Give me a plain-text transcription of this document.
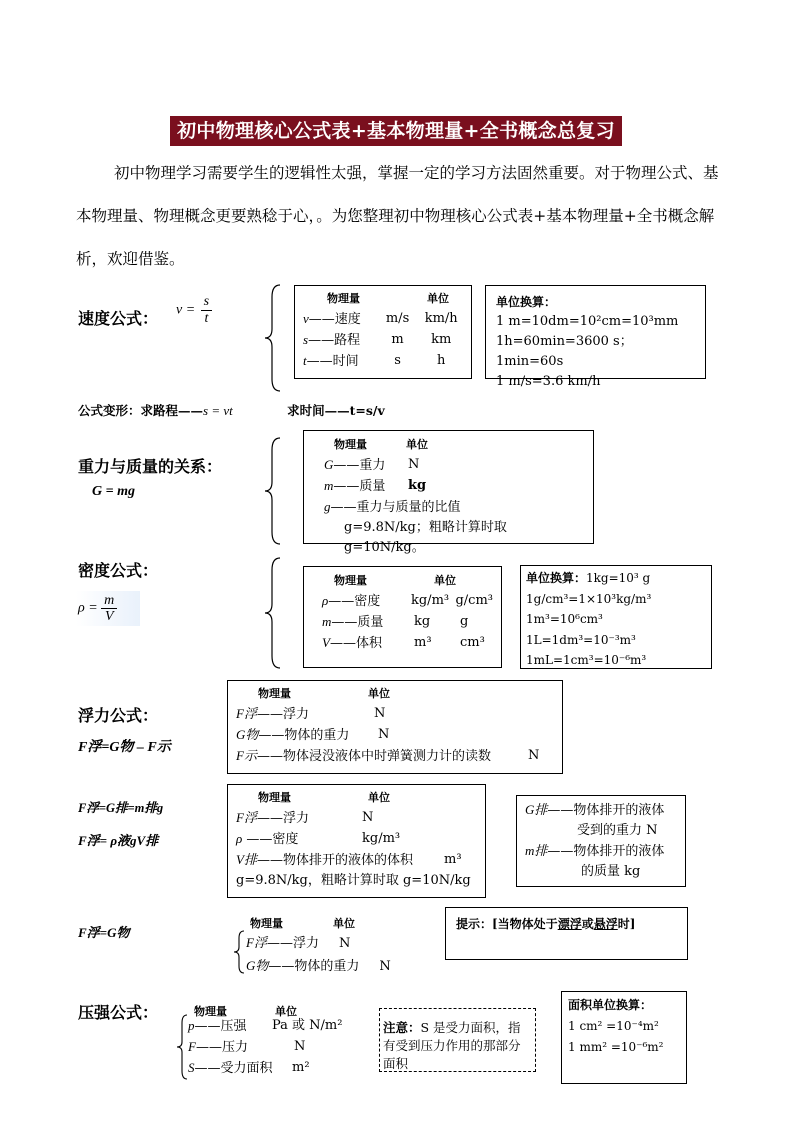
初中物理核心公式表+基本物理量+全书概念总复习
初中物理学习需要学生的逻辑性太强，掌握一定的学习方法固然重要。对于物理公式、基本物理量、物理概念更要熟稔于心，。为您整理初中物理核心公式表+基本物理量+全书概念解析，欢迎借鉴。
速度公式： $v = \frac{s}{t}$	物理量	单位
v——速度	m/s	km/h
s——路程	m	km
t——时间	s	h
单位换算：
1 m=10dm=10²cm=10³mm
1h=60min=3600 s； 1min=60s
1 m/s=3.6 km/h
公式变形：求路程——s = vt	求时间——t=s/v
重力与质量的关系：
G = mg
物理量	单位
G——重力	N
m——质量	kg
g——重力与质量的比值
g=9.8N/kg；粗略计算时取 g=10N/kg。
密度公式：
$\rho = \frac{m}{V}$
物理量	单位
ρ——密度	kg/m³ g/cm³
m——质量	kg	g
V——体积	m³	cm³
单位换算：1kg=10³ g
1g/cm³=1×10³kg/m³
1m³=10⁶cm³
1L=1dm³=10⁻³m³
1mL=1cm³=10⁻⁶m³
浮力公式：
F浮=G物 – F示
物理量	单位
F浮——浮力	N
G物——物体的重力	N
F示——物体浸没液体中时弹簧测力计的读数	N
F浮=G排=m排g
F浮= ρ液gV排
物理量	单位
F浮——浮力	N
ρ ——密度	kg/m³
V排——物体排开的液体的体积	m³
g=9.8N/kg，粗略计算时取 g=10N/kg
G排——物体排开的液体
受到的重力 N
m排——物体排开的液体
的质量 kg
F浮=G物
物理量	单位
F浮——浮力 N
G物——物体的重力 N
提示：[当物体处于漂浮或悬浮时]
压强公式：	物理量	单位
p——压强	Pa 或 N/m²
F——压力	N
S——受力面积	m²
注意：S 是受力面积，指有受到压力作用的那部分面积
面积单位换算：
1 cm² =10⁻⁴m²
1 mm² =10⁻⁶m²
